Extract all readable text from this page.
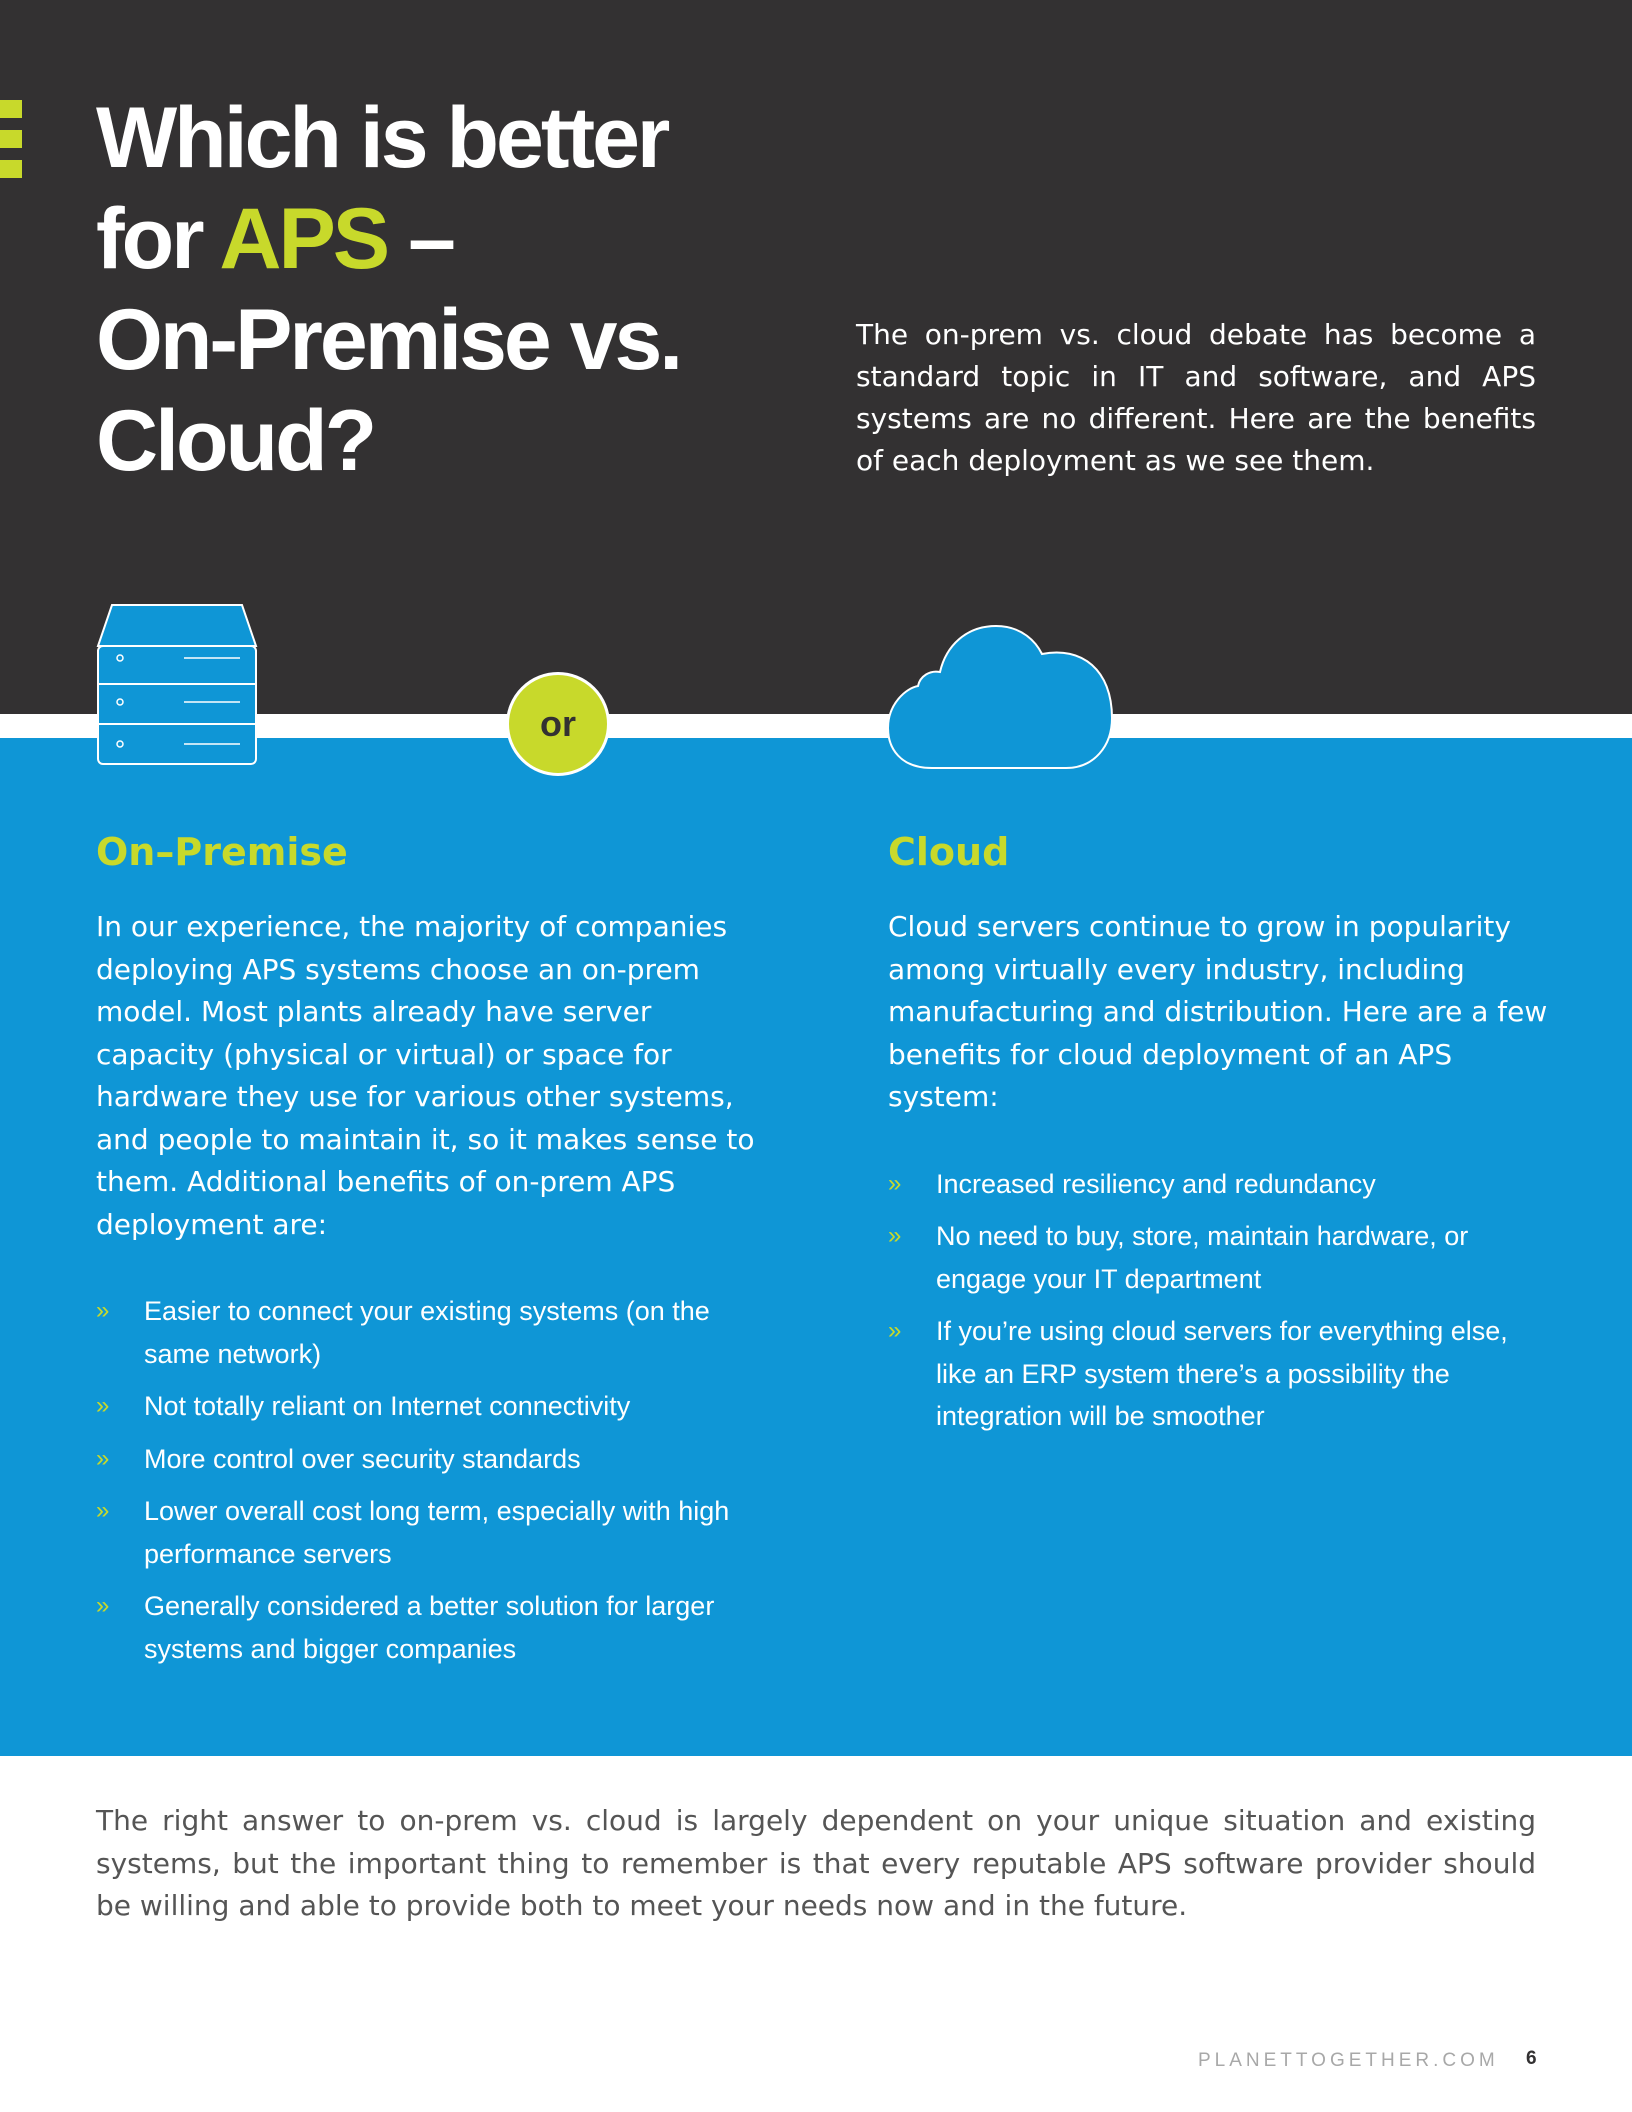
Which is better
for APS –
On-Premise vs.
Cloud?
The on-prem vs. cloud debate has become a standard topic in IT and software, and APS systems are no different. Here are the benefits of each deployment as we see them.
or
On–Premise

In our experience, the majority of companies deploying APS systems choose an on-prem model. Most plants already have server capacity (physical or virtual) or space for hardware they use for various other systems, and people to maintain it, so it makes sense to them. Additional benefits of on-prem APS deployment are:

» Easier to connect your existing systems (on the same network)
» Not totally reliant on Internet connectivity
» More control over security standards
» Lower overall cost long term, especially with high performance servers
» Generally considered a better solution for larger systems and bigger companies
Cloud

Cloud servers continue to grow in popularity among virtually every industry, including manufacturing and distribution. Here are a few benefits for cloud deployment of an APS system:

» Increased resiliency and redundancy
» No need to buy, store, maintain hardware, or engage your IT department
» If you’re using cloud servers for everything else, like an ERP system there’s a possibility the integration will be smoother
The right answer to on-prem vs. cloud is largely dependent on your unique situation and existing systems, but the important thing to remember is that every reputable APS software provider should be willing and able to provide both to meet your needs now and in the future.
PLANETTOGETHER.COM 6
